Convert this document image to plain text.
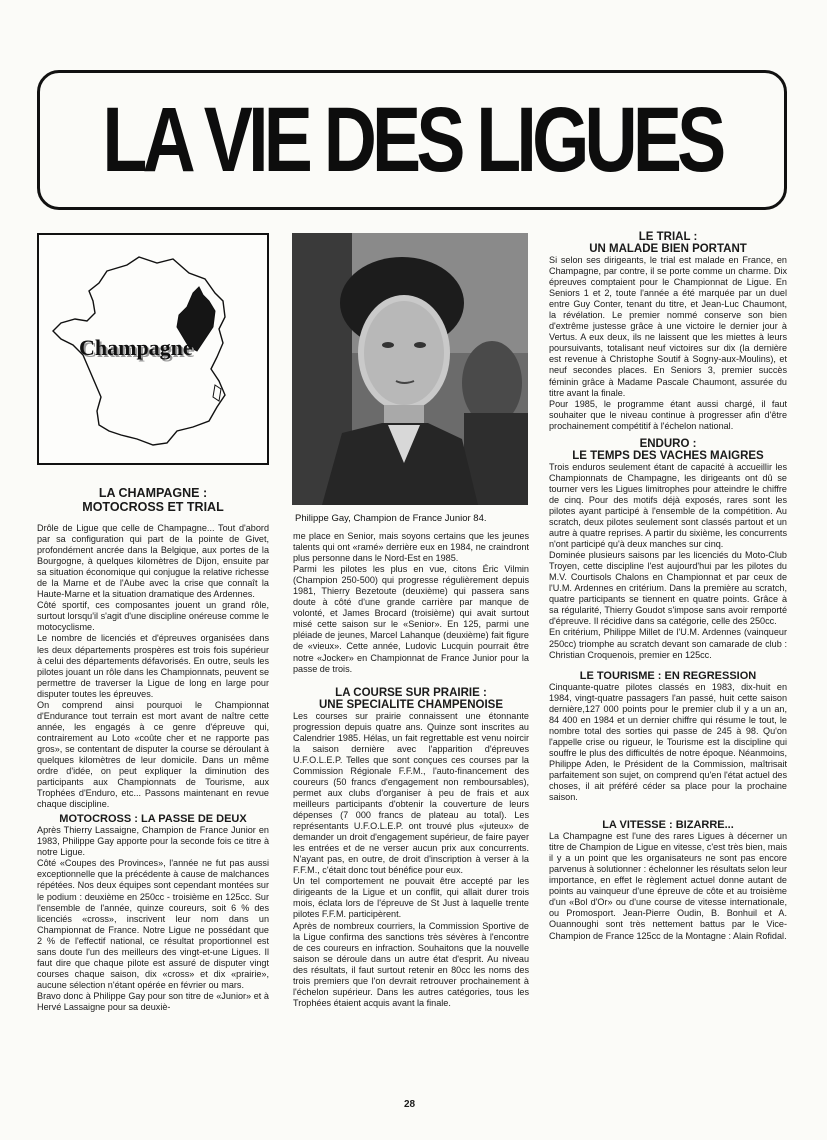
LA VIE DES LIGUES
Champagne
Philippe Gay, Champion de France Junior 84.

LA CHAMPAGNE :

MOTOCROSS ET TRIAL

Drôle de Ligue que celle de Champagne... Tout d'abord par sa configuration qui part de la pointe de Givet, profondément ancrée dans la Belgique, aux portes de la Bourgogne, à quelques kilomètres de Dijon, ensuite par sa situation économique qui conjugue la relative richesse de la Marne et de l'Aube avec la crise que connaît la Haute-Marne et la situation dramatique des Ardennes.

Côté sportif, ces composantes jouent un grand rôle, surtout lorsqu'il s'agit d'une discipline onéreuse comme le motocyclisme.

Le nombre de licenciés et d'épreuves organisées dans les deux départements prospères est trois fois supérieur à celui des départements défavorisés. En outre, seuls les pilotes jouant un rôle dans les Championnats, peuvent se permettre de traverser la Ligue de long en large pour disputer toutes les épreuves.

On comprend ainsi pourquoi le Championnat d'Endurance tout terrain est mort avant de naître cette année, les engagés à ce genre d'épreuve qui, contrairement au Loto «coûte cher et ne rapporte pas gros», se contentant de disputer la course se déroulant à quelques kilomètres de leur domicile. Dans un même ordre d'idée, on peut expliquer la diminution des participants aux Championnats de Tourisme, aux Trophées d'Enduro, etc... Passons maintenant en revue chaque discipline.

MOTOCROSS : LA PASSE DE DEUX

Après Thierry Lassaigne, Champion de France Junior en 1983, Philippe Gay apporte pour la seconde fois ce titre à notre Ligue.

Côté «Coupes des Provinces», l'année ne fut pas aussi exceptionnelle que la précédente à cause de malchances répétées. Nos deux équipes sont cependant montées sur le podium : deuxième en 250cc - troisième en 125cc. Sur l'ensemble de l'année, quinze coureurs, soit 6 % des licenciés «cross», inscrivent leur nom dans un Championnat de France. Notre Ligue ne possédant que 2 % de l'effectif national, ce résultat proportionnel est sans doute l'un des meilleurs des vingt-et-une Ligues. Il faut dire que chaque pilote est assuré de disputer vingt courses chaque saison, dix «cross» et dix «prairie», aucune sélection n'étant opérée en février ou mars.

Bravo donc à Philippe Gay pour son titre de «Junior» et à Hervé Lassaigne pour sa deuxiè-

me place en Senior, mais soyons certains que les jeunes talents qui ont «ramé» derrière eux en 1984, ne craindront plus personne dans le Nord-Est en 1985.

Parmi les pilotes les plus en vue, citons Éric Vilmin (Champion 250-500) qui progresse régulièrement depuis 1981, Thierry Bezetoute (deuxième) qui passera sans doute à côté d'une grande carrière par manque de volonté, et James Brocard (troisième) qui avait surtout misé cette saison sur le «Senior». En 125, parmi une pléiade de jeunes, Marcel Lahanque (deuxième) fait figure de «vieux». Cette année, Ludovic Lucquin pourrait être notre «Jocker» en Championnat de France Junior pour la passe de trois.

LA COURSE SUR PRAIRIE :

UNE SPECIALITE CHAMPENOISE

Les courses sur prairie connaissent une étonnante progression depuis quatre ans. Quinze sont inscrites au Calendrier 1985. Hélas, un fait regrettable est venu noircir la saison dernière avec l'apparition d'épreuves U.F.O.L.E.P. Telles que sont conçues ces courses par la Commission Régionale F.F.M., l'auto-financement des coureurs (50 francs d'engagement non remboursables), permet aux clubs d'organiser à peu de frais et aux meilleurs participants d'obtenir la couverture de leurs dépenses (7 000 francs de plateau au total). Les représentants U.F.O.L.E.P. ont trouvé plus «juteux» de demander un droit d'engagement supérieur, de faire payer les entrées et de ne verser aucun prix aux concurrents. N'ayant pas, en outre, de droit d'inscription à verser à la F.F.M., c'était donc tout bénéfice pour eux.

Un tel comportement ne pouvait être accepté par les dirigeants de la Ligue et un conflit, qui allait durer trois mois, éclata lors de l'épreuve de St Just à laquelle trente pilotes F.F.M. participèrent.

Après de nombreux courriers, la Commission Sportive de la Ligue confirma des sanctions très sévères à l'encontre de ces coureurs en infraction. Souhaitons que la nouvelle saison se déroule dans un autre état d'esprit. Au niveau des résultats, il faut surtout retenir en 80cc les noms des trois premiers que l'on devrait retrouver prochainement à l'échelon supérieur. Dans les autres catégories, tous les Trophées étaient acquis avant la finale.

LE TRIAL :

UN MALADE BIEN PORTANT

Si selon ses dirigeants, le trial est malade en France, en Champagne, par contre, il se porte comme un charme. Dix épreuves comptaient pour le Championnat de Ligue. En Seniors 1 et 2, toute l'année a été marquée par un duel entre Guy Conter, tenant du titre, et Jean-Luc Chaumont, la révélation. Le premier nommé conserve son bien d'extrême justesse grâce à une victoire le dernier jour à Vertus. A eux deux, ils ne laissent que les miettes à leurs poursuivants, totalisant neuf victoires sur dix (la dernière est revenue à Christophe Soutif à Sogny-aux-Moulins), et neuf secondes places. En Seniors 3, premier succès féminin grâce à Madame Pascale Chaumont, assurée du titre avant la finale.

Pour 1985, le programme étant aussi chargé, il faut souhaiter que le niveau continue à progresser afin d'être prochainement compétitif à l'échelon national.

ENDURO :

LE TEMPS DES VACHES MAIGRES

Trois enduros seulement étant de capacité à accueillir les Championnats de Champagne, les dirigeants ont dû se tourner vers les Ligues limitrophes pour atteindre le chiffre de cinq. Pour des motifs déjà exposés, rares sont les pilotes ayant participé à l'ensemble de la compétition. Au scratch, deux pilotes seulement sont classés partout et un autre à quatre reprises. A partir du sixième, les concurrents n'ont participé qu'à deux manches sur cinq.

Dominée plusieurs saisons par les licenciés du Moto-Club Troyen, cette discipline l'est aujourd'hui par les pilotes du M.V. Courtisols Chalons en Championnat et par ceux de l'U.M. Ardennes en critérium. Dans la première au scratch, quatre participants se tiennent en quatre points. Grâce à sa régularité, Thierry Goudot s'impose sans avoir remporté d'épreuve. Il récidive dans sa catégorie, celle des 250cc.

En critérium, Philippe Millet de l'U.M. Ardennes (vainqueur 250cc) triomphe au scratch devant son camarade de club : Christian Croquenois, premier en 125cc.

LE TOURISME : EN REGRESSION

Cinquante-quatre pilotes classés en 1983, dix-huit en 1984, vingt-quatre passagers l'an passé, huit cette saison dernière,127 000 points pour le premier club il y a un an, 84 400 en 1984 et un dernier chiffre qui résume le tout, le nombre total des sorties qui passe de 245 à 98. Qu'on l'appelle crise ou rigueur, le Tourisme est la discipline qui souffre le plus des difficultés de notre époque. Néanmoins, Philippe Aden, le Président de la Commission, maîtrisait parfaitement son sujet, on comprend qu'en l'état actuel des choses, il ait préféré céder sa place pour la prochaine saison.

LA VITESSE : BIZARRE...

La Champagne est l'une des rares Ligues à décerner un titre de Champion de Ligue en vitesse, c'est très bien, mais il y a un point que les organisateurs ne sont pas encore parvenus à solutionner : échelonner les résultats selon leur importance, en effet le règlement actuel donne autant de points au vainqueur d'une épreuve de côte et au troisième d'un «Bol d'Or» ou d'une course de vitesse internationale, ou Promosport. Jean-Pierre Oudin, B. Bonhuil et A. Ouannoughi sont très nettement battus par le Vice-Champion de France 125cc de la Montagne : Alain Rofidal.

28
